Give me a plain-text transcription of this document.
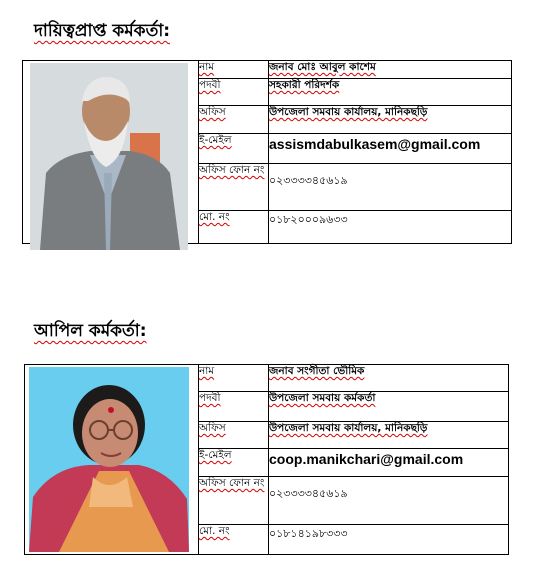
দায়িত্বপ্রাপ্ত কর্মকর্তা:
	নাম	জনাব মোঃ আবুল কাশেম
	পদবী	সহকারী পরিদর্শক
	অফিস	উপজেলা সমবায় কার্যালয়, মানিকছড়ি
	ই-মেইল	assismdabulkasem@gmail.com
	অফিস ফোন নং	০২৩৩৩৩৪৫৬১৯
	মো. নং	০১৮২০০০৯৬৩৩
আপিল কর্মকর্তা:
	নাম	জনাব সংগীতা ভৌমিক
	পদবী	উপজেলা সমবায় কর্মকর্তা
	অফিস	উপজেলা সমবায় কার্যালয়, মানিকছড়ি
	ই-মেইল	coop.manikchari@gmail.com
	অফিস ফোন নং	০২৩৩৩৩৪৫৬১৯
	মো. নং	০১৮১৪১৯৮৩৩৩
